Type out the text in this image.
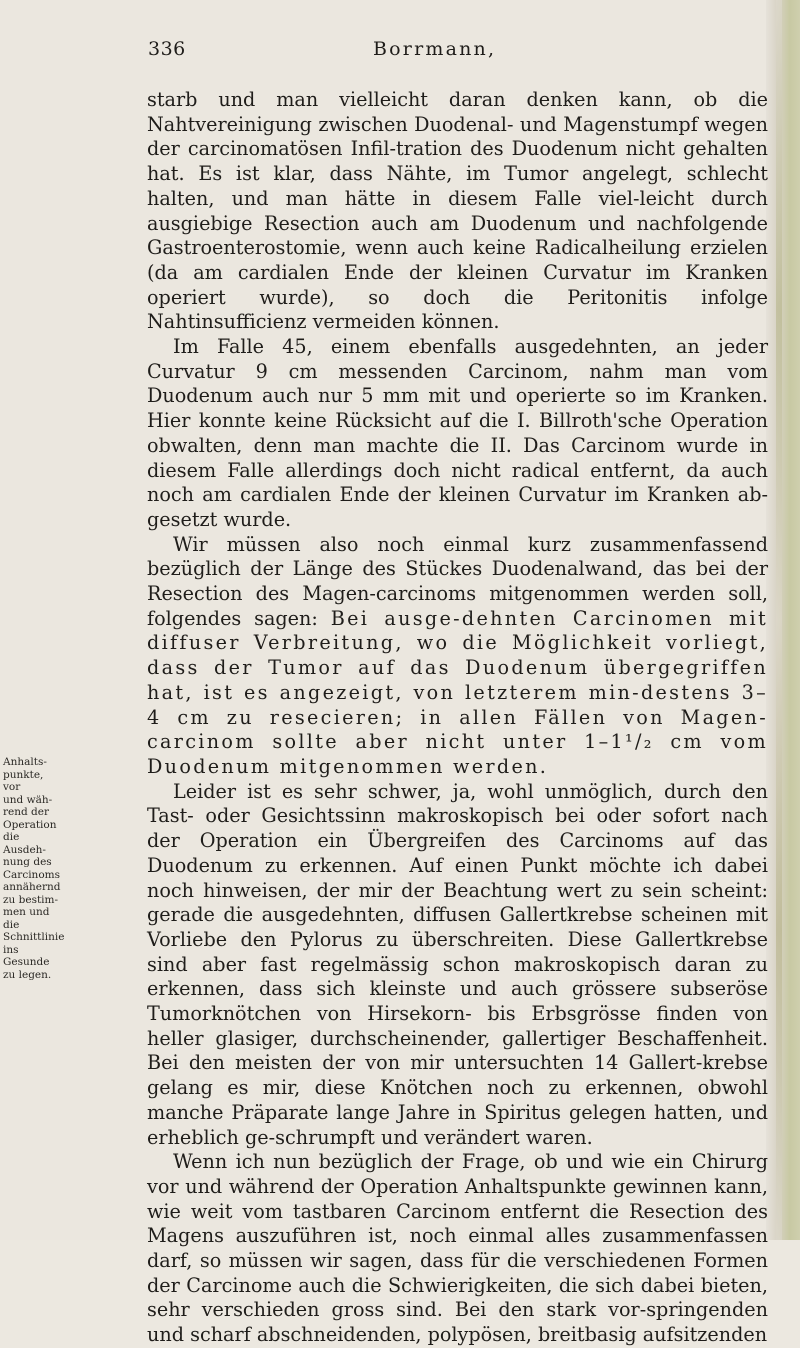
336	Borrmann,

starb und man vielleicht daran denken kann, ob die Nahtvereinigung zwischen Duodenal- und Magenstumpf wegen der carcinomatösen Infil-tration des Duodenum nicht gehalten hat. Es ist klar, dass Nähte, im Tumor angelegt, schlecht halten, und man hätte in diesem Falle viel-leicht durch ausgiebige Resection auch am Duodenum und nachfolgende Gastroenterostomie, wenn auch keine Radicalheilung erzielen (da am cardialen Ende der kleinen Curvatur im Kranken operiert wurde), so doch die Peritonitis infolge Nahtinsufficienz vermeiden können.

Im Falle 45, einem ebenfalls ausgedehnten, an jeder Curvatur 9 cm messenden Carcinom, nahm man vom Duodenum auch nur 5 mm mit und operierte so im Kranken. Hier konnte keine Rücksicht auf die I. Billroth'sche Operation obwalten, denn man machte die II. Das Carcinom wurde in diesem Falle allerdings doch nicht radical entfernt, da auch noch am cardialen Ende der kleinen Curvatur im Kranken ab-gesetzt wurde.

Wir müssen also noch einmal kurz zusammenfassend bezüglich der Länge des Stückes Duodenalwand, das bei der Resection des Magen-carcinoms mitgenommen werden soll, folgendes sagen: Bei ausge-dehnten Carcinomen mit diffuser Verbreitung, wo die Möglichkeit vorliegt, dass der Tumor auf das Duodenum übergegriffen hat, ist es angezeigt, von letzterem min-destens 3–4 cm zu resecieren; in allen Fällen von Magen-carcinom sollte aber nicht unter 1–1¹/₂ cm vom Duodenum mitgenommen werden.

Leider ist es sehr schwer, ja, wohl unmöglich, durch den Tast- oder Gesichtssinn makroskopisch bei oder sofort nach der Operation ein Übergreifen des Carcinoms auf das Duodenum zu erkennen. Auf einen Punkt möchte ich dabei noch hinweisen, der mir der Beachtung wert zu sein scheint: gerade die ausgedehnten, diffusen Gallertkrebse scheinen mit Vorliebe den Pylorus zu überschreiten. Diese Gallertkrebse sind aber fast regelmässig schon makroskopisch daran zu erkennen, dass sich kleinste und auch grössere subseröse Tumorknötchen von Hirsekorn- bis Erbsgrösse finden von heller glasiger, durchscheinender, gallertiger Beschaffenheit. Bei den meisten der von mir untersuchten 14 Gallert-krebse gelang es mir, diese Knötchen noch zu erkennen, obwohl manche Präparate lange Jahre in Spiritus gelegen hatten, und erheblich ge-schrumpft und verändert waren.

Wenn ich nun bezüglich der Frage, ob und wie ein Chirurg vor und während der Operation Anhaltspunkte gewinnen kann, wie weit vom tastbaren Carcinom entfernt die Resection des Magens auszuführen ist, noch einmal alles zusammenfassen darf, so müssen wir sagen, dass für die verschiedenen Formen der Carcinome auch die Schwierigkeiten, die sich dabei bieten, sehr verschieden gross sind. Bei den stark vor-springenden und scharf abschneidenden, polypösen, breitbasig aufsitzenden

Anhalts-
punkte, vor
und wäh-
rend der
Operation
die Ausdeh-
nung des
Carcinoms
annähernd
zu bestim-
men und die
Schnittlinie
ins Gesunde
zu legen.
